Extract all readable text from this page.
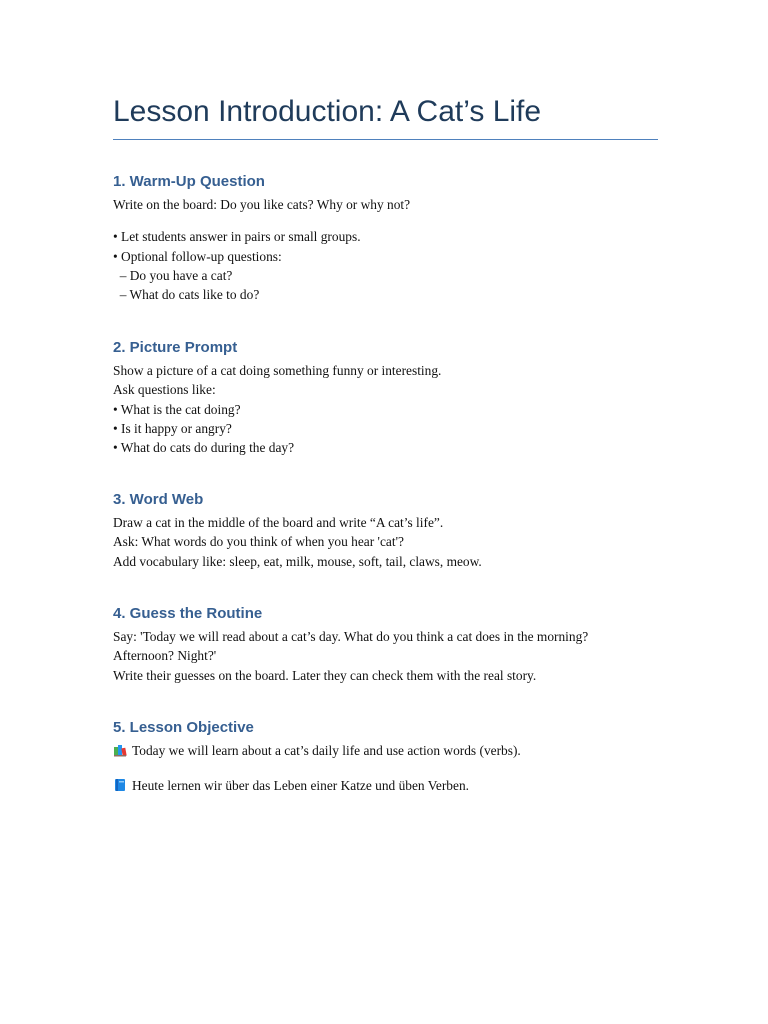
Lesson Introduction: A Cat’s Life
1. Warm-Up Question
Write on the board: Do you like cats? Why or why not?
• Let students answer in pairs or small groups.
• Optional follow-up questions:
– Do you have a cat?
– What do cats like to do?
2. Picture Prompt
Show a picture of a cat doing something funny or interesting.
Ask questions like:
• What is the cat doing?
• Is it happy or angry?
• What do cats do during the day?
3. Word Web
Draw a cat in the middle of the board and write “A cat’s life”.
Ask: What words do you think of when you hear 'cat'?
Add vocabulary like: sleep, eat, milk, mouse, soft, tail, claws, meow.
4. Guess the Routine
Say: 'Today we will read about a cat’s day. What do you think a cat does in the morning?
Afternoon? Night?'
Write their guesses on the board. Later they can check them with the real story.
5. Lesson Objective
Today we will learn about a cat’s daily life and use action words (verbs).
Heute lernen wir über das Leben einer Katze und üben Verben.
